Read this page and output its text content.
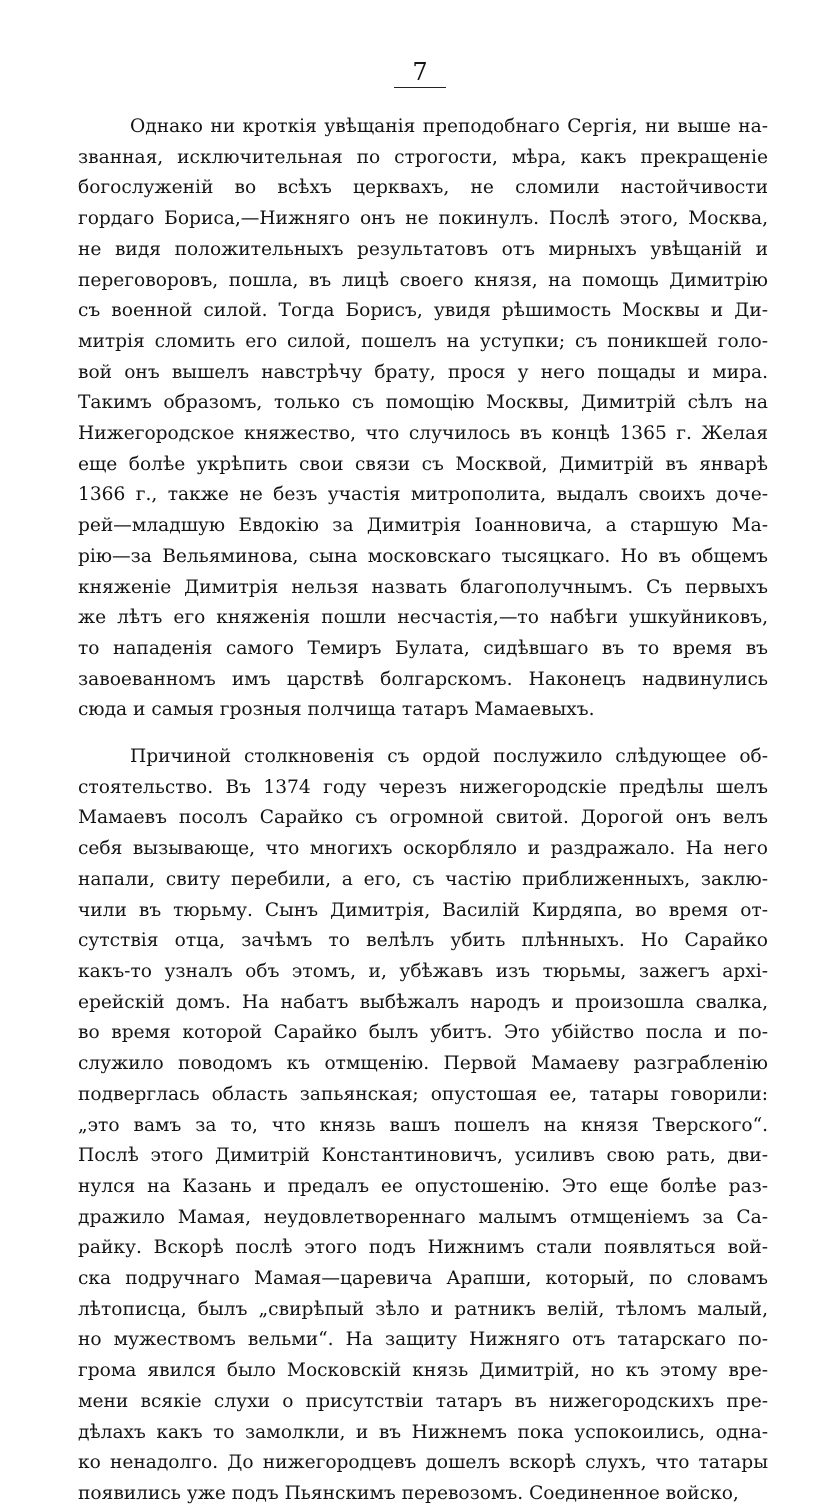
7
Однако ни кроткія увѣщанія преподобнаго Сергія, ни выше на-
званная, исключительная по строгости, мѣра, какъ прекращеніе
богослуженій во всѣхъ церквахъ, не сломили настойчивости
гордаго Бориса,—Нижняго онъ не покинулъ. Послѣ этого, Москва,
не видя положительныхъ результатовъ отъ мирныхъ увѣщаній и
переговоровъ, пошла, въ лицѣ своего князя, на помощь Димитрію
съ военной силой. Тогда Борисъ, увидя рѣшимость Москвы и Ди-
митрія сломить его силой, пошелъ на уступки; съ поникшей голо-
вой онъ вышелъ навстрѣчу брату, прося у него пощады и мира.
Такимъ образомъ, только съ помощію Москвы, Димитрій сѣлъ на
Нижегородское княжество, что случилось въ концѣ 1365 г. Желая
еще болѣе укрѣпить свои связи съ Москвой, Димитрій въ январѣ
1366 г., также не безъ участія митрополита, выдалъ своихъ доче-
рей—младшую Евдокію за Димитрія Іоанновича, а старшую Ма-
рію—за Вельяминова, сына московскаго тысяцкаго. Но въ общемъ
княженіе Димитрія нельзя назвать благополучнымъ. Съ первыхъ
же лѣтъ его княженія пошли несчастія,—то набѣги ушкуйниковъ,
то нападенія самого Темиръ Булата, сидѣвшаго въ то время въ
завоеванномъ имъ царствѣ болгарскомъ. Наконецъ надвинулись
сюда и самыя грозныя полчища татаръ Мамаевыхъ.
Причиной столкновенія съ ордой послужило слѣдующее об-
стоятельство. Въ 1374 году черезъ нижегородскіе предѣлы шелъ
Мамаевъ посолъ Сарайко съ огромной свитой. Дорогой онъ велъ
себя вызывающе, что многихъ оскорбляло и раздражало. На него
напали, свиту перебили, а его, съ частію приближенныхъ, заклю-
чили въ тюрьму. Сынъ Димитрія, Василій Кирдяпа, во время от-
сутствія отца, зачѣмъ то велѣлъ убить плѣнныхъ. Но Сарайко
какъ-то узналъ объ этомъ, и, убѣжавъ изъ тюрьмы, зажегъ архі-
ерейскій домъ. На набатъ выбѣжалъ народъ и произошла свалка,
во время которой Сарайко былъ убитъ. Это убійство посла и по-
служило поводомъ къ отмщенію. Первой Мамаеву разграбленію
подверглась область запьянская; опустошая ее, татары говорили:
„это вамъ за то, что князь вашъ пошелъ на князя Тверского“.
Послѣ этого Димитрій Константиновичъ, усиливъ свою рать, дви-
нулся на Казань и предалъ ее опустошенію. Это еще болѣе раз-
дражило Мамая, неудовлетвореннаго малымъ отмщеніемъ за Са-
райку. Вскорѣ послѣ этого подъ Нижнимъ стали появляться вой-
ска подручнаго Мамая—царевича Арапши, который, по словамъ
лѣтописца, былъ „свирѣпый зѣло и ратникъ велій, тѣломъ малый,
но мужествомъ вельми“. На защиту Нижняго отъ татарскаго по-
грома явился было Московскій князь Димитрій, но къ этому вре-
мени всякіе слухи о присутствіи татаръ въ нижегородскихъ пре-
дѣлахъ какъ то замолкли, и въ Нижнемъ пока успокоились, одна-
ко ненадолго. До нижегородцевъ дошелъ вскорѣ слухъ, что татары
появились уже подъ Пьянскимъ перевозомъ. Соединенное войско,
